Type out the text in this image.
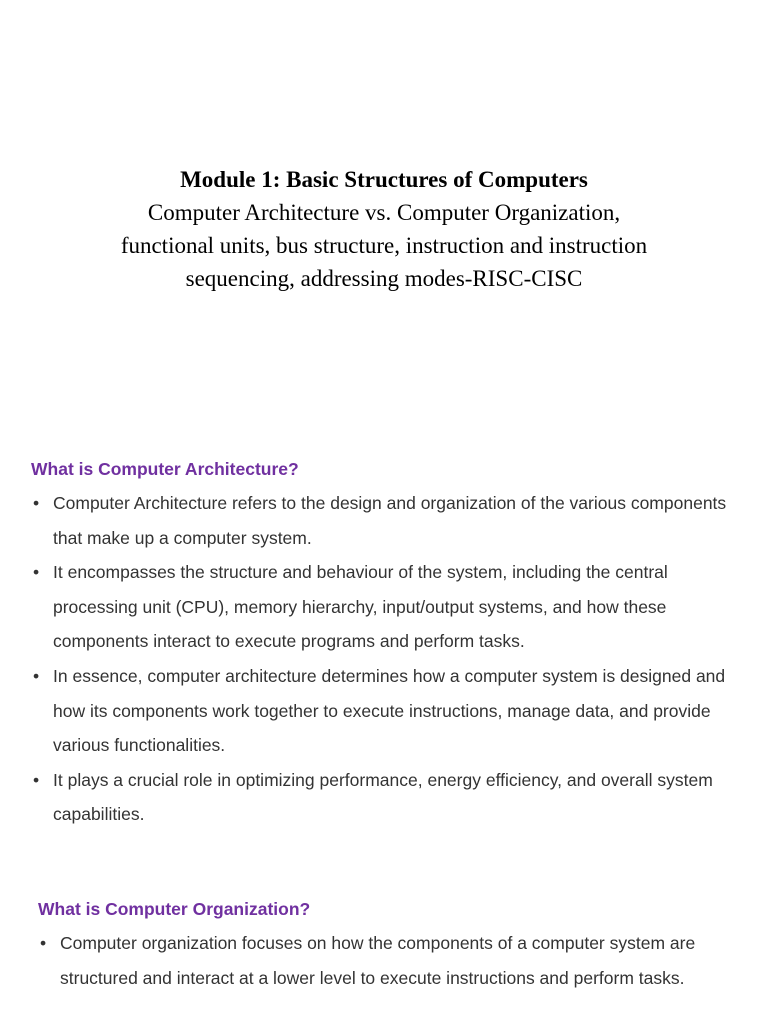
Module 1: Basic Structures of Computers

Computer Architecture vs. Computer Organization,

functional units, bus structure, instruction and instruction

sequencing, addressing modes-RISC-CISC

What is Computer Architecture?

• Computer Architecture refers to the design and organization of the various components that make up a computer system.
• It encompasses the structure and behaviour of the system, including the central processing unit (CPU), memory hierarchy, input/output systems, and how these components interact to execute programs and perform tasks.
• In essence, computer architecture determines how a computer system is designed and how its components work together to execute instructions, manage data, and provide various functionalities.
• It plays a crucial role in optimizing performance, energy efficiency, and overall system capabilities.

What is Computer Organization?

• Computer organization focuses on how the components of a computer system are structured and interact at a lower level to execute instructions and perform tasks.
